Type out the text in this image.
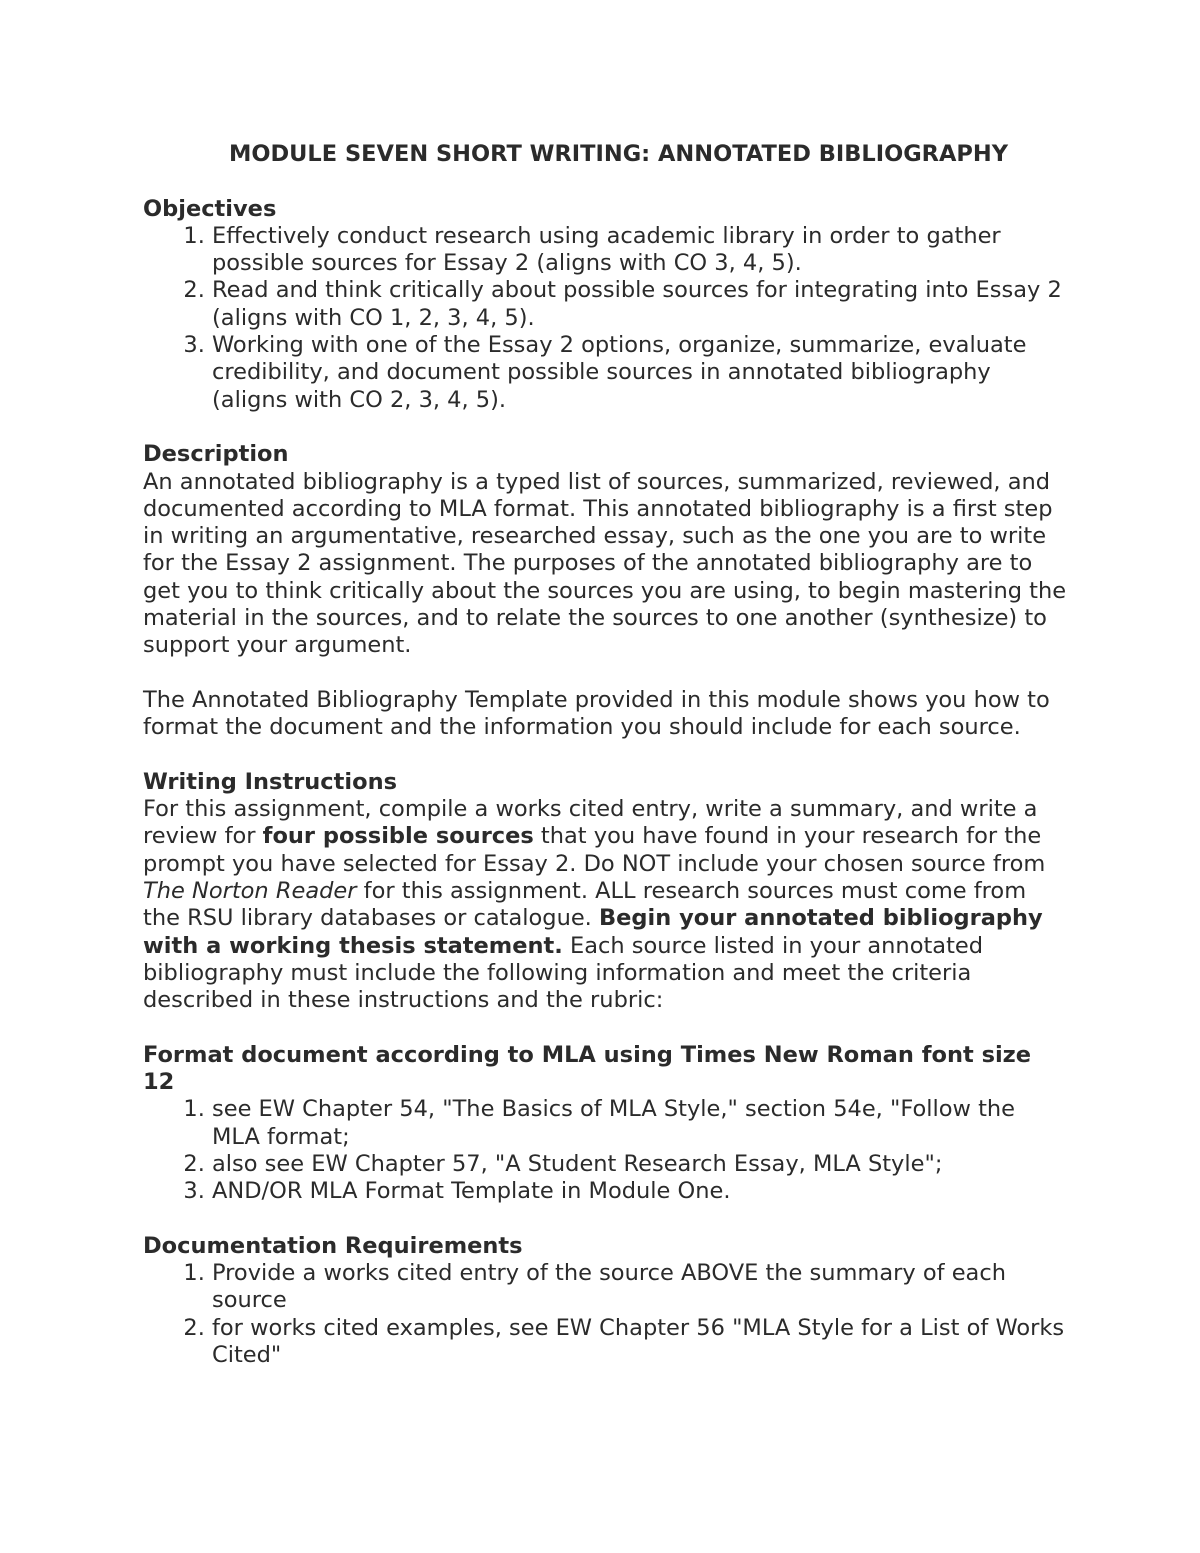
MODULE SEVEN SHORT WRITING: ANNOTATED BIBLIOGRAPHY

Objectives
1. Effectively conduct research using academic library in order to gather possible sources for Essay 2 (aligns with CO 3, 4, 5).
2. Read and think critically about possible sources for integrating into Essay 2 (aligns with CO 1, 2, 3, 4, 5).
3. Working with one of the Essay 2 options, organize, summarize, evaluate credibility, and document possible sources in annotated bibliography (aligns with CO 2, 3, 4, 5).
Description

An annotated bibliography is a typed list of sources, summarized, reviewed, and documented according to MLA format. This annotated bibliography is a first step in writing an argumentative, researched essay, such as the one you are to write for the Essay 2 assignment. The purposes of the annotated bibliography are to get you to think critically about the sources you are using, to begin mastering the material in the sources, and to relate the sources to one another (synthesize) to support your argument.

The Annotated Bibliography Template provided in this module shows you how to format the document and the information you should include for each source.

Writing Instructions

For this assignment, compile a works cited entry, write a summary, and write a review for four possible sources that you have found in your research for the prompt you have selected for Essay 2. Do NOT include your chosen source from The Norton Reader for this assignment. ALL research sources must come from the RSU library databases or catalogue. Begin your annotated bibliography with a working thesis statement. Each source listed in your annotated bibliography must include the following information and meet the criteria described in these instructions and the rubric:

Format document according to MLA using Times New Roman font size 12
1. see EW Chapter 54, "The Basics of MLA Style," section 54e, "Follow the MLA format;
2. also see EW Chapter 57, "A Student Research Essay, MLA Style";
3. AND/OR MLA Format Template in Module One.
Documentation Requirements
1. Provide a works cited entry of the source ABOVE the summary of each source
2. for works cited examples, see EW Chapter 56 "MLA Style for a List of Works Cited"
